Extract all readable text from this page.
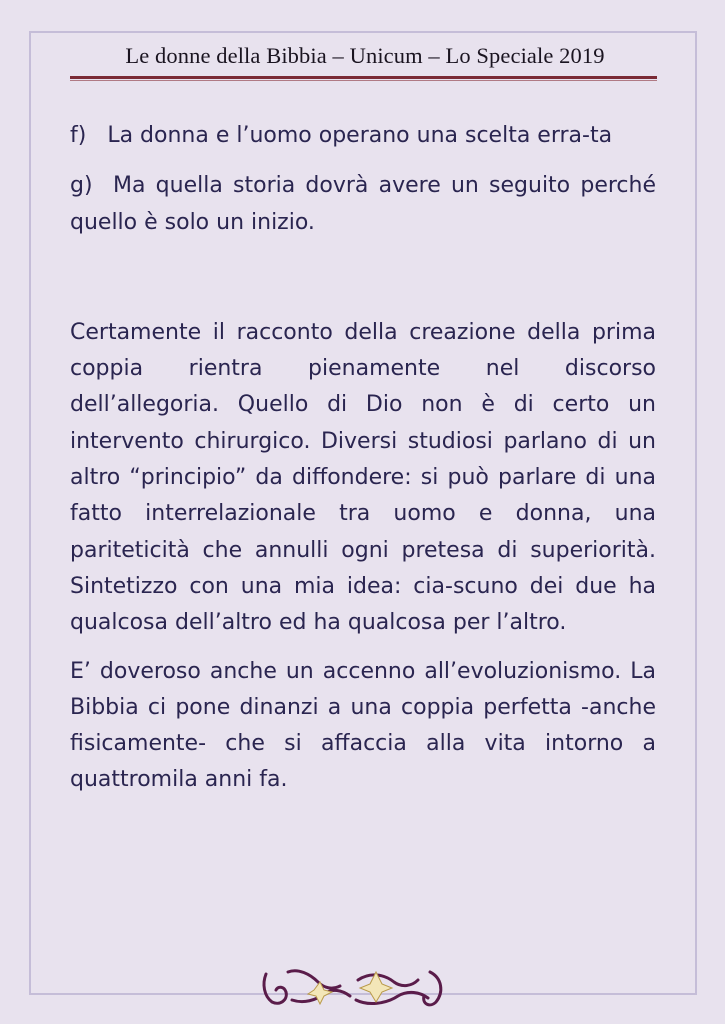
Le donne della Bibbia – Unicum – Lo Speciale 2019

f) La donna e l’uomo operano una scelta erra-ta

g) Ma quella storia dovrà avere un seguito perché quello è solo un inizio.

Certamente il racconto della creazione della prima coppia rientra pienamente nel discorso dell’allegoria. Quello di Dio non è di certo un intervento chirurgico. Diversi studiosi parlano di un altro “principio” da diffondere: si può parlare di una fatto interrelazionale tra uomo e donna, una pariteticità che annulli ogni pretesa di superiorità. Sintetizzo con una mia idea: cia-scuno dei due ha qualcosa dell’altro ed ha qualcosa per l’altro.

E’ doveroso anche un accenno all’evoluzionismo. La Bibbia ci pone dinanzi a una coppia perfetta -anche fisicamente- che si affaccia alla vita intorno a quattromila anni fa.
